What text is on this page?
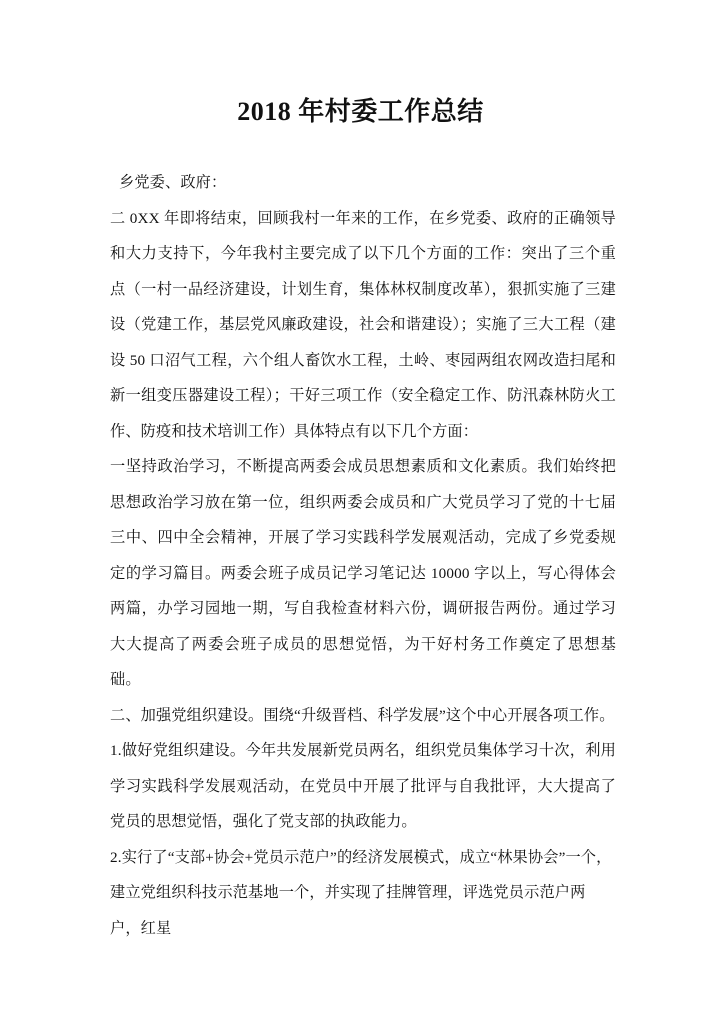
2018 年村委工作总结

乡党委、政府：

二 0XX 年即将结束，回顾我村一年来的工作，在乡党委、政府的正确领导和大力支持下，今年我村主要完成了以下几个方面的工作：突出了三个重点（一村一品经济建设，计划生育，集体林权制度改革），狠抓实施了三建设（党建工作，基层党风廉政建设，社会和谐建设）；实施了三大工程（建设 50 口沼气工程，六个组人畜饮水工程，土岭、枣园两组农网改造扫尾和新一组变压器建设工程）；干好三项工作（安全稳定工作、防汛森林防火工作、防疫和技术培训工作）具体特点有以下几个方面：

一坚持政治学习，不断提高两委会成员思想素质和文化素质。我们始终把思想政治学习放在第一位，组织两委会成员和广大党员学习了党的十七届三中、四中全会精神，开展了学习实践科学发展观活动，完成了乡党委规定的学习篇目。两委会班子成员记学习笔记达 10000 字以上，写心得体会两篇，办学习园地一期，写自我检查材料六份，调研报告两份。通过学习大大提高了两委会班子成员的思想觉悟，为干好村务工作奠定了思想基础。

二、加强党组织建设。围绕“升级晋档、科学发展”这个中心开展各项工作。

1.做好党组织建设。今年共发展新党员两名，组织党员集体学习十次，利用学习实践科学发展观活动，在党员中开展了批评与自我批评，大大提高了党员的思想觉悟，强化了党支部的执政能力。

2.实行了“支部+协会+党员示范户”的经济发展模式，成立“林果协会”一个，建立党组织科技示范基地一个，并实现了挂牌管理，评选党员示范户两户，红星
